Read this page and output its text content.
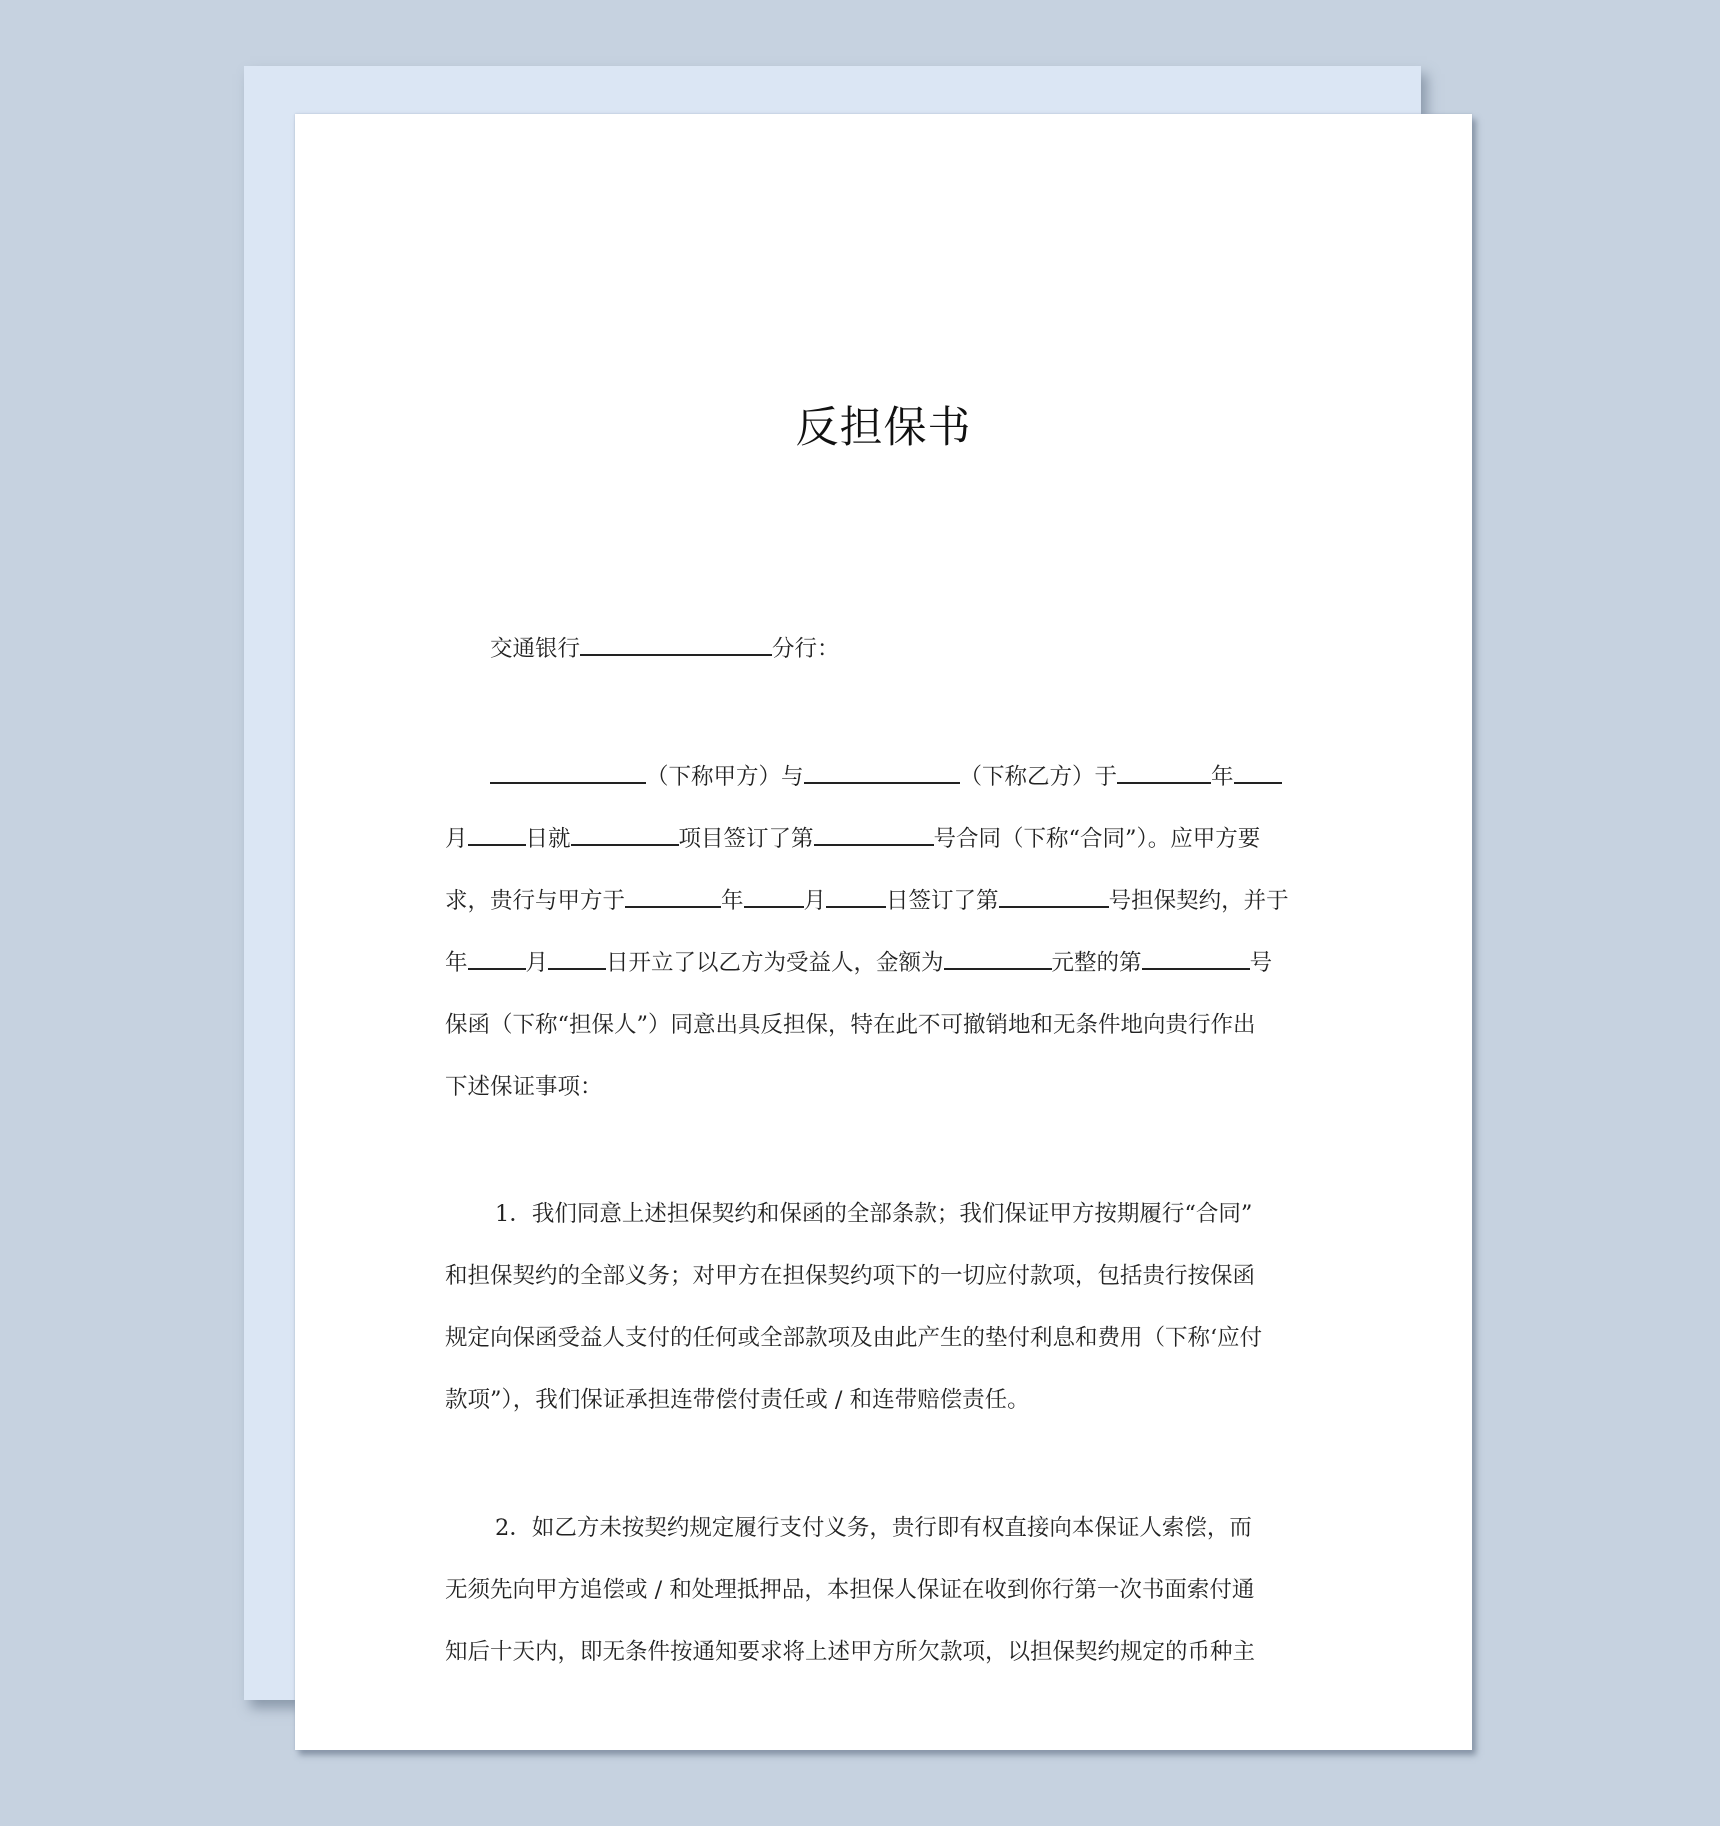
反担保书
交通银行	分行：
（下称甲方）与	（下称乙方）于	年
月	日就	项目签订了第	号合同（下称“合同”）。应甲方要
求，贵行与甲方于	年	月	日签订了第	号担保契约，并于
年	月	日开立了以乙方为受益人，金额为	元整的第	号
保函（下称“担保人”）同意出具反担保，特在此不可撤销地和无条件地向贵行作出
下述保证事项：
1．我们同意上述担保契约和保函的全部条款；我们保证甲方按期履行“合同”
和担保契约的全部义务；对甲方在担保契约项下的一切应付款项，包括贵行按保函
规定向保函受益人支付的任何或全部款项及由此产生的垫付利息和费用（下称‘应付
款项”），我们保证承担连带偿付责任或 / 和连带赔偿责任。
2．如乙方未按契约规定履行支付义务，贵行即有权直接向本保证人索偿，而
无须先向甲方追偿或 / 和处理抵押品，本担保人保证在收到你行第一次书面索付通
知后十天内，即无条件按通知要求将上述甲方所欠款项，以担保契约规定的币种主
